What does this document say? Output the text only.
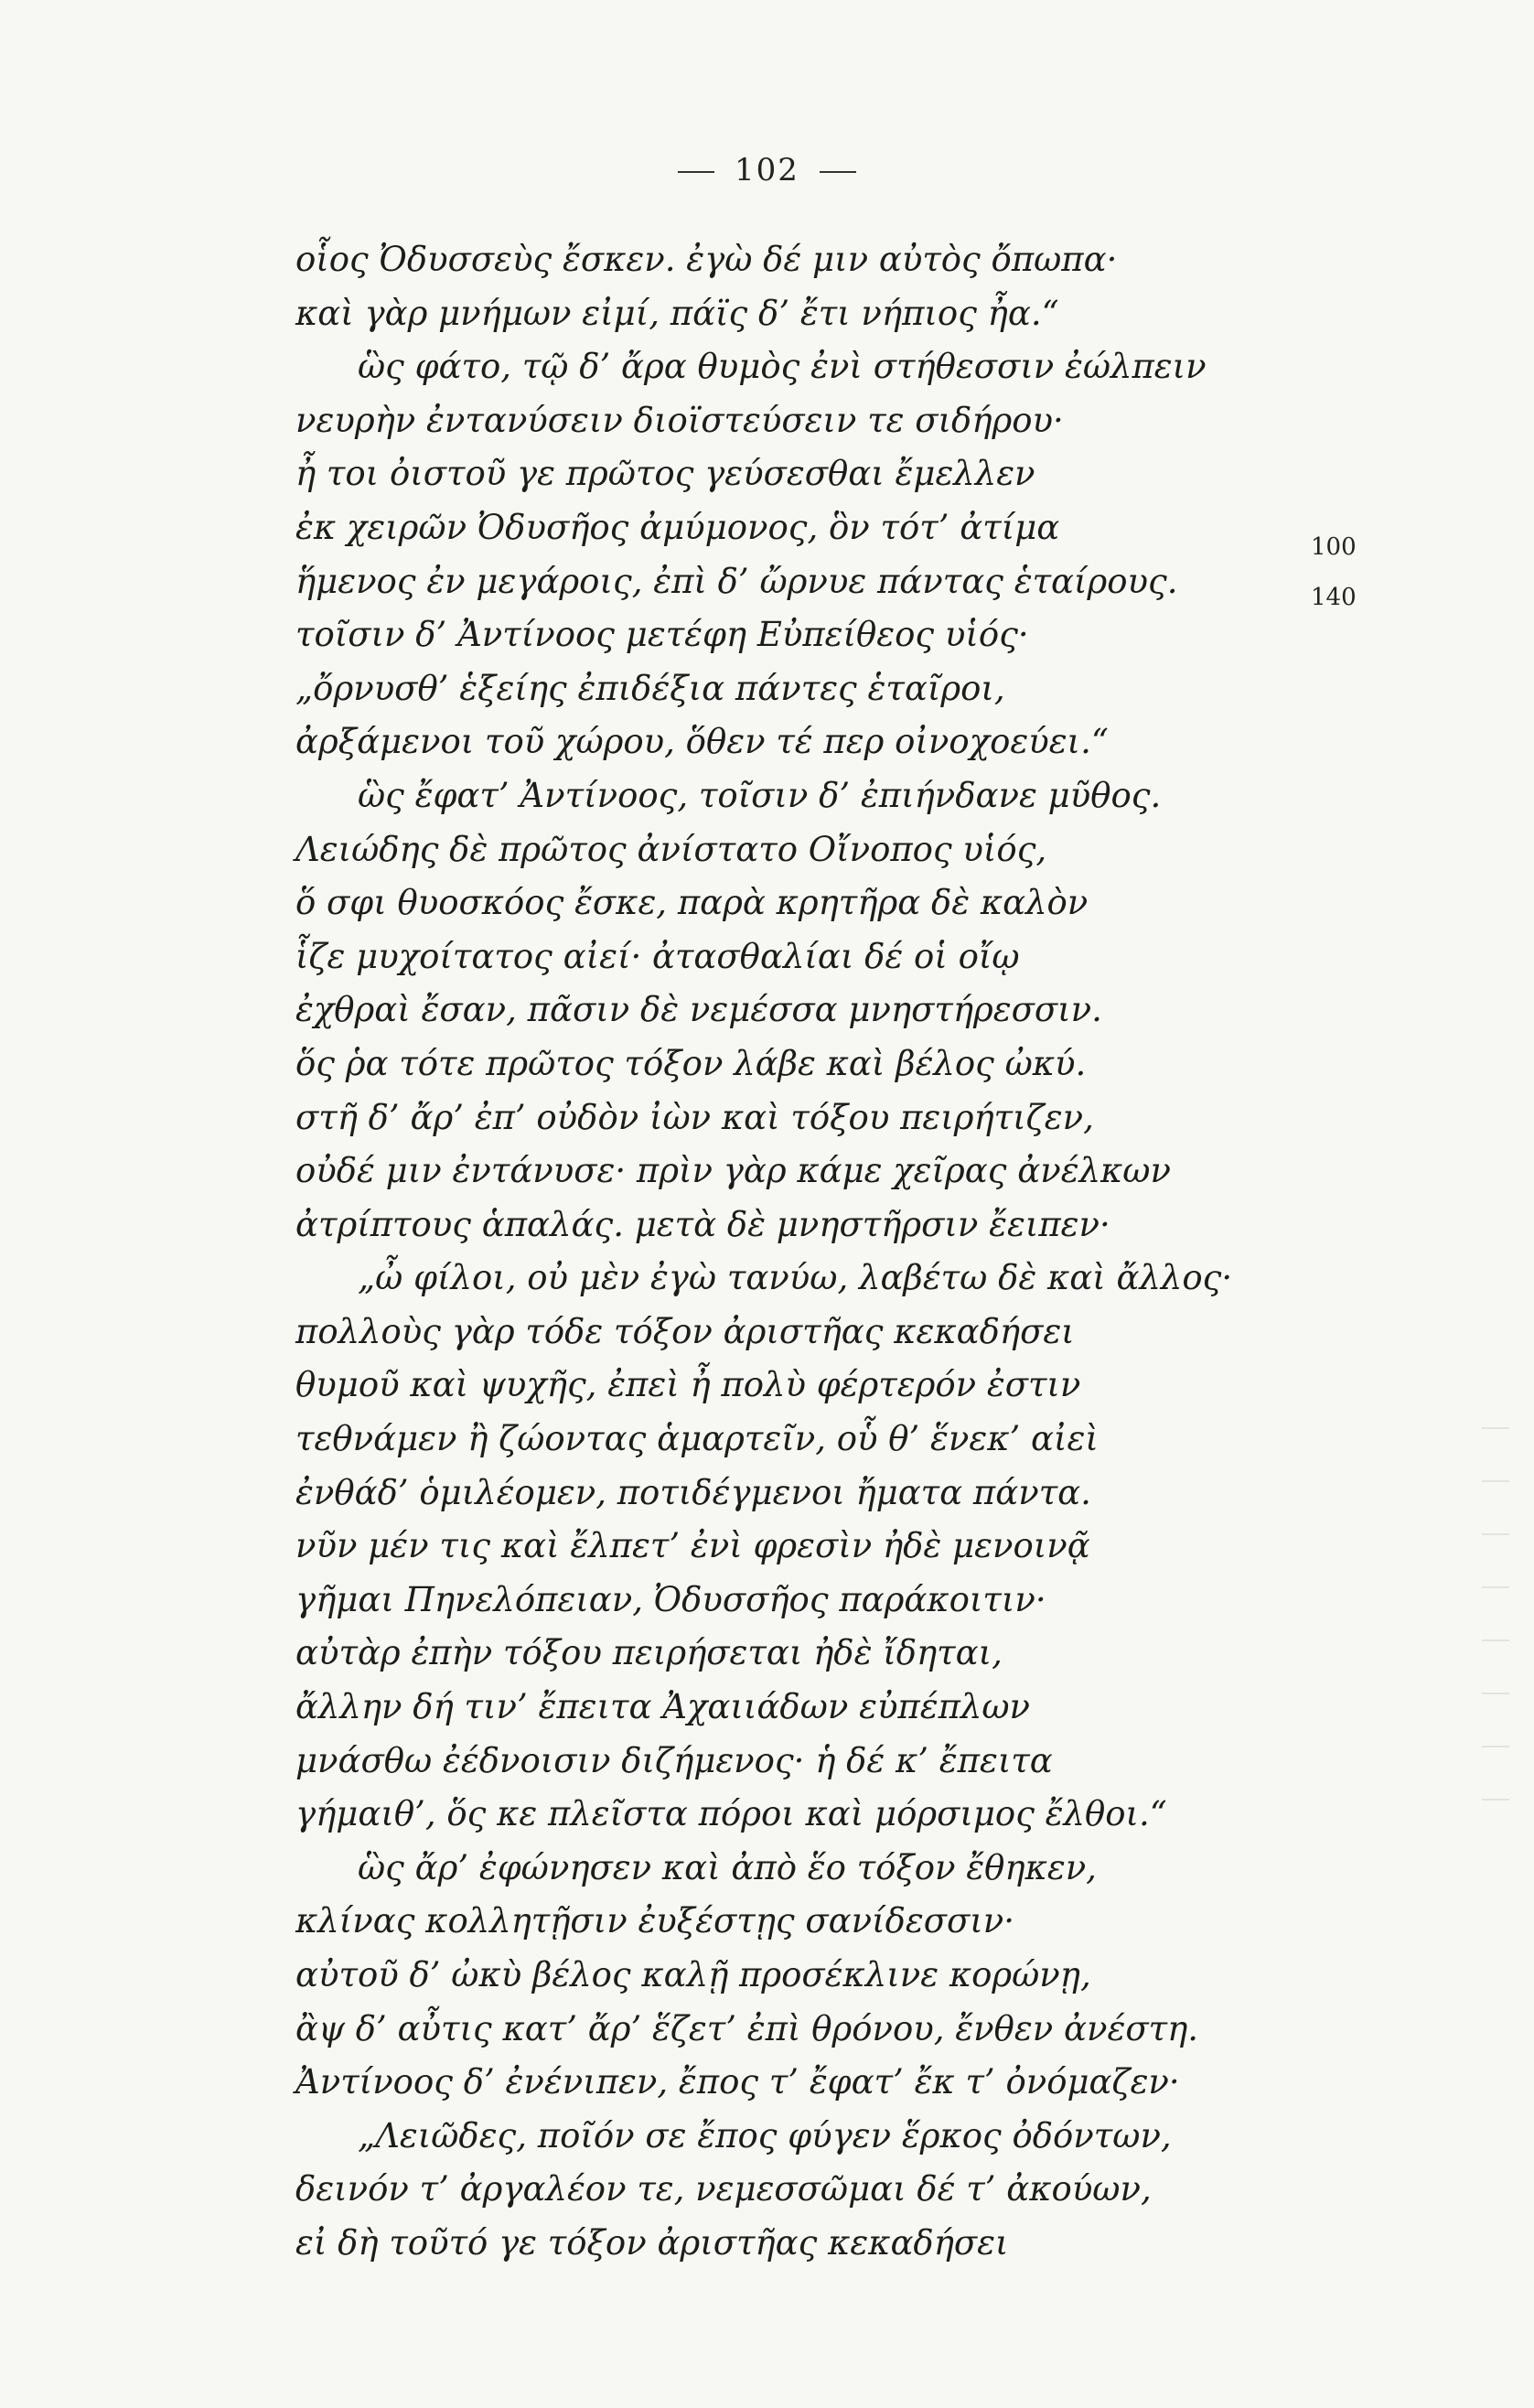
102
οἷος Ὀδυσσεὺς ἔσκεν. ἐγὼ δέ μιν αὐτὸς ὄπωπα·
καὶ γὰρ μνήμων εἰμί, πάϊς δ’ ἔτι νήπιος ἦα.“
ὣς φάτο, τῷ δ’ ἄρα θυμὸς ἐνὶ στήθεσσιν ἐώλπειν
νευρὴν ἐντανύσειν διοϊστεύσειν τε σιδήρου·
ἦ τοι ὀιστοῦ γε πρῶτος γεύσεσθαι ἔμελλεν
ἐκ χειρῶν Ὀδυσῆος ἀμύμονος, ὃν τότ’ ἀτίμα
ἥμενος ἐν μεγάροις, ἐπὶ δ’ ὤρνυε πάντας ἑταίρους.
τοῖσιν δ’ Ἀντίνοος μετέφη Εὐπείθεος υἱός·
„ὄρνυσθ’ ἑξείης ἐπιδέξια πάντες ἑταῖροι,
ἀρξάμενοι τοῦ χώρου, ὅθεν τέ περ οἰνοχοεύει.“
ὣς ἔφατ’ Ἀντίνοος, τοῖσιν δ’ ἐπιήνδανε μῦθος.
Λειώδης δὲ πρῶτος ἀνίστατο Οἴνοπος υἱός,
ὅ σφι θυοσκόος ἔσκε, παρὰ κρητῆρα δὲ καλὸν
ἷζε μυχοίτατος αἰεί· ἀτασθαλίαι δέ οἱ οἴῳ
ἐχθραὶ ἔσαν, πᾶσιν δὲ νεμέσσα μνηστήρεσσιν.
ὅς ῥα τότε πρῶτος τόξον λάβε καὶ βέλος ὠκύ.
στῆ δ’ ἄρ’ ἐπ’ οὐδὸν ἰὼν καὶ τόξου πειρήτιζεν,
οὐδέ μιν ἐντάνυσε· πρὶν γὰρ κάμε χεῖρας ἀνέλκων
ἀτρίπτους ἁπαλάς. μετὰ δὲ μνηστῆρσιν ἔειπεν·
„ὦ φίλοι, οὐ μὲν ἐγὼ τανύω, λαβέτω δὲ καὶ ἄλλος·
πολλοὺς γὰρ τόδε τόξον ἀριστῆας κεκαδήσει
θυμοῦ καὶ ψυχῆς, ἐπεὶ ἦ πολὺ φέρτερόν ἐστιν
τεθνάμεν ἢ ζώοντας ἁμαρτεῖν, οὗ θ’ ἕνεκ’ αἰεὶ
ἐνθάδ’ ὁμιλέομεν, ποτιδέγμενοι ἤματα πάντα.
νῦν μέν τις καὶ ἔλπετ’ ἐνὶ φρεσὶν ἠδὲ μενοινᾷ
γῆμαι Πηνελόπειαν, Ὀδυσσῆος παράκοιτιν·
αὐτὰρ ἐπὴν τόξου πειρήσεται ἠδὲ ἴδηται,
ἄλλην δή τιν’ ἔπειτα Ἀχαιιάδων εὐπέπλων
μνάσθω ἐέδνοισιν διζήμενος· ἡ δέ κ’ ἔπειτα
γήμαιθ’, ὅς κε πλεῖστα πόροι καὶ μόρσιμος ἔλθοι.“
ὣς ἄρ’ ἐφώνησεν καὶ ἀπὸ ἕο τόξον ἔθηκεν,
κλίνας κολλητῇσιν ἐυξέστῃς σανίδεσσιν·
αὐτοῦ δ’ ὠκὺ βέλος καλῇ προσέκλινε κορώνῃ,
ἂψ δ’ αὖτις κατ’ ἄρ’ ἕζετ’ ἐπὶ θρόνου, ἔνθεν ἀνέστη.
Ἀντίνοος δ’ ἐνένιπεν, ἔπος τ’ ἔφατ’ ἔκ τ’ ὀνόμαζεν·
„Λειῶδες, ποῖόν σε ἔπος φύγεν ἕρκος ὀδόντων,
δεινόν τ’ ἀργαλέον τε, νεμεσσῶμαι δέ τ’ ἀκούων,
εἰ δὴ τοῦτό γε τόξον ἀριστῆας κεκαδήσει
100
140
